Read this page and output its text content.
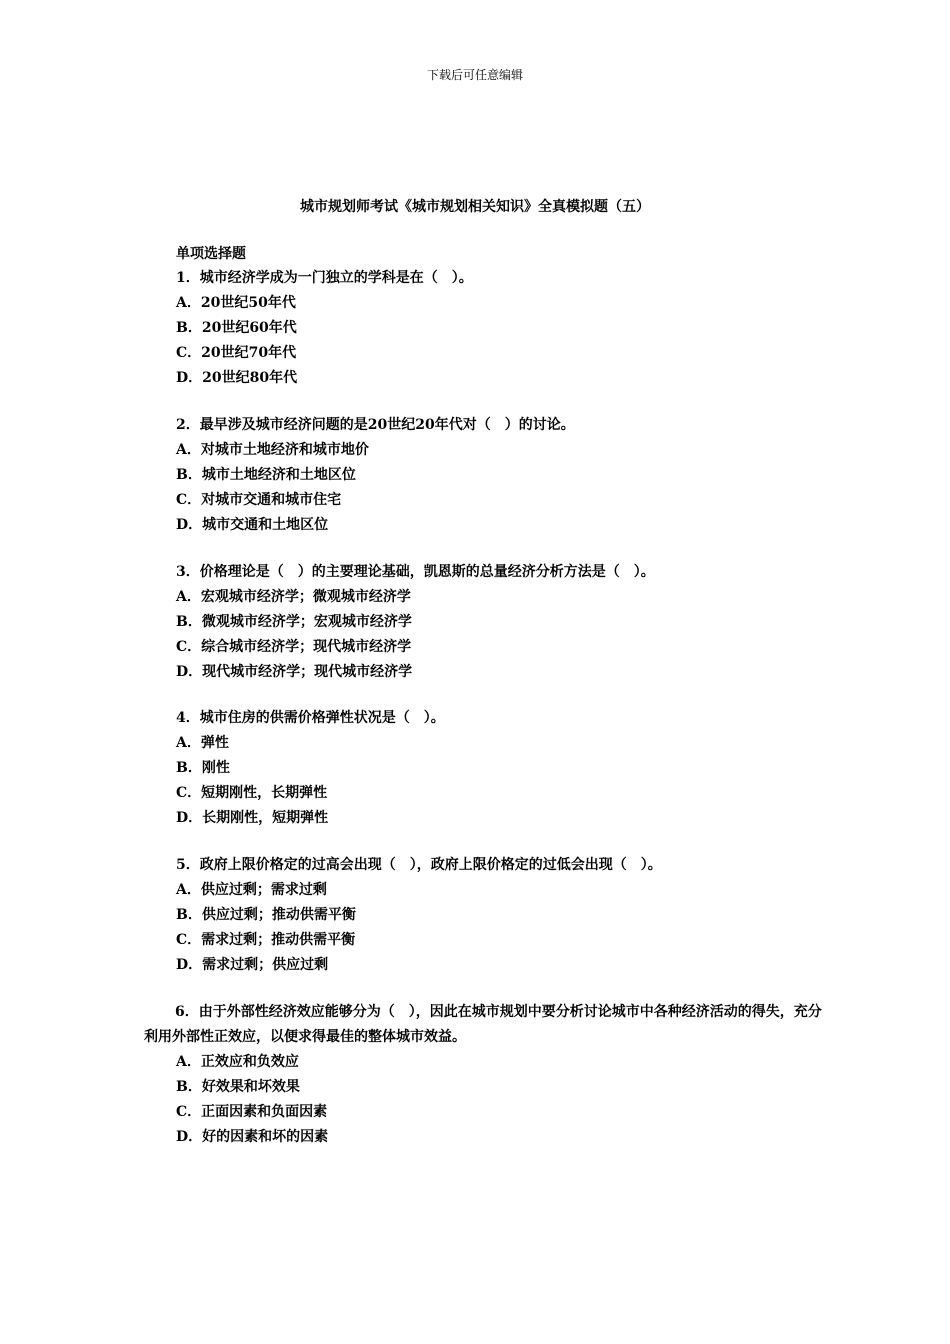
下载后可任意编辑
城市规划师考试《城市规划相关知识》全真模拟题（五）
单项选择题
1．城市经济学成为一门独立的学科是在（　）。
A．20世纪50年代
B．20世纪60年代
C．20世纪70年代
D．20世纪80年代
2．最早涉及城市经济问题的是20世纪20年代对（　）的讨论。
A．对城市土地经济和城市地价
B．城市土地经济和土地区位
C．对城市交通和城市住宅
D．城市交通和土地区位
3．价格理论是（　）的主要理论基础，凯恩斯的总量经济分析方法是（　）。
A．宏观城市经济学；微观城市经济学
B．微观城市经济学；宏观城市经济学
C．综合城市经济学；现代城市经济学
D．现代城市经济学；现代城市经济学
4．城市住房的供需价格弹性状况是（　）。
A．弹性
B．刚性
C．短期刚性，长期弹性
D．长期刚性，短期弹性
5．政府上限价格定的过高会出现（　），政府上限价格定的过低会出现（　）。
A．供应过剩；需求过剩
B．供应过剩；推动供需平衡
C．需求过剩；推动供需平衡
D．需求过剩；供应过剩
6．由于外部性经济效应能够分为（　），因此在城市规划中要分析讨论城市中各种经济活动的得失，充分利用外部性正效应，以便求得最佳的整体城市效益。
A．正效应和负效应
B．好效果和坏效果
C．正面因素和负面因素
D．好的因素和坏的因素
